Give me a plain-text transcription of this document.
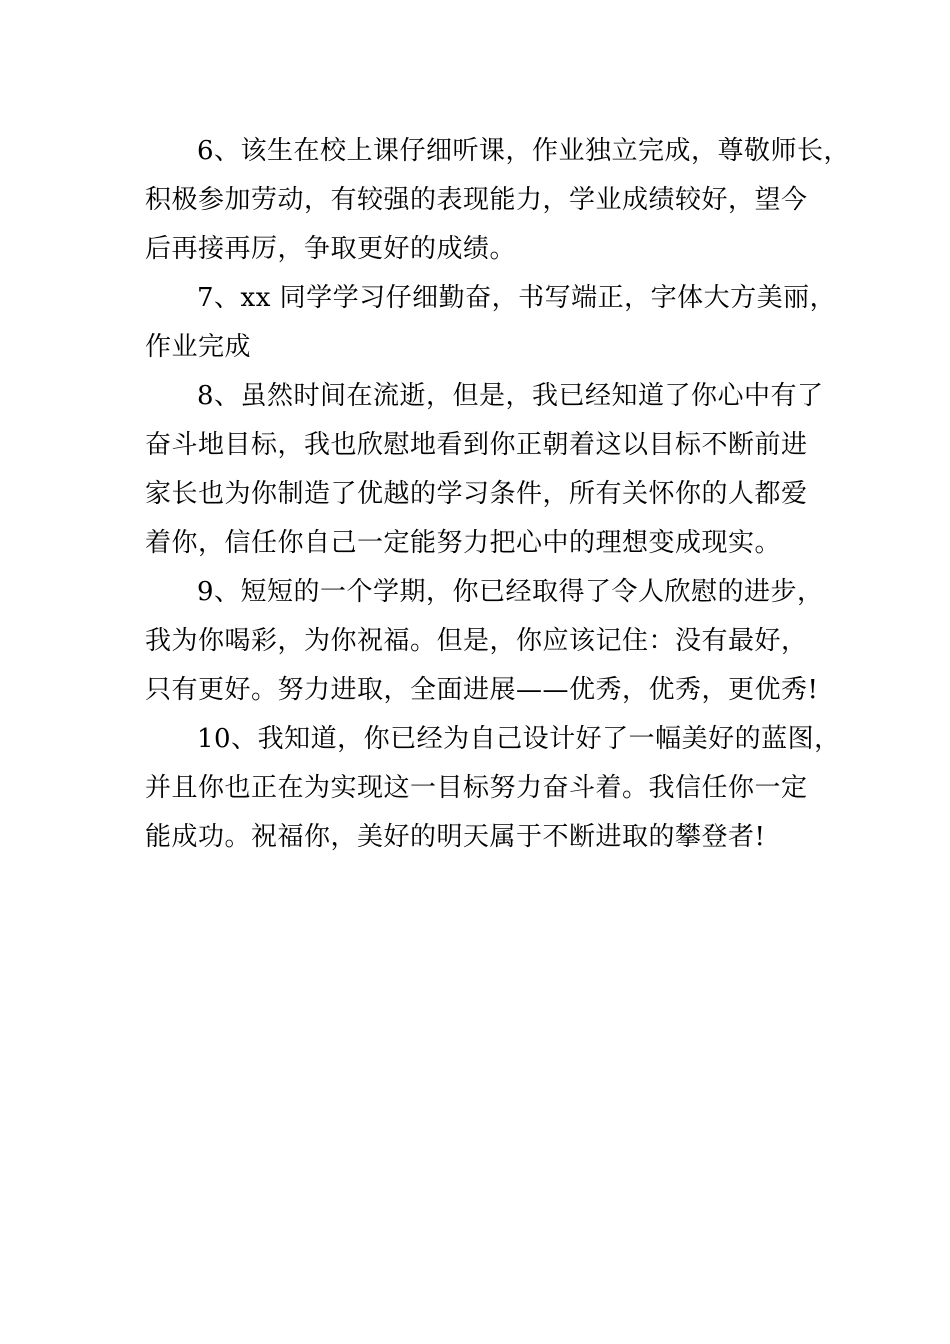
6、该生在校上课仔细听课，作业独立完成，尊敬师长，
积极参加劳动，有较强的表现能力，学业成绩较好，望今
后再接再厉，争取更好的成绩。
7、xx 同学学习仔细勤奋，书写端正，字体大方美丽，
作业完成
8、虽然时间在流逝，但是，我已经知道了你心中有了
奋斗地目标，我也欣慰地看到你正朝着这以目标不断前进
家长也为你制造了优越的学习条件，所有关怀你的人都爱
着你，信任你自己一定能努力把心中的理想变成现实。
9、短短的一个学期，你已经取得了令人欣慰的进步，
我为你喝彩，为你祝福。但是，你应该记住：没有最好，
只有更好。努力进取，全面进展——优秀，优秀，更优秀!
10、我知道，你已经为自己设计好了一幅美好的蓝图，
并且你也正在为实现这一目标努力奋斗着。我信任你一定
能成功。祝福你，美好的明天属于不断进取的攀登者!
